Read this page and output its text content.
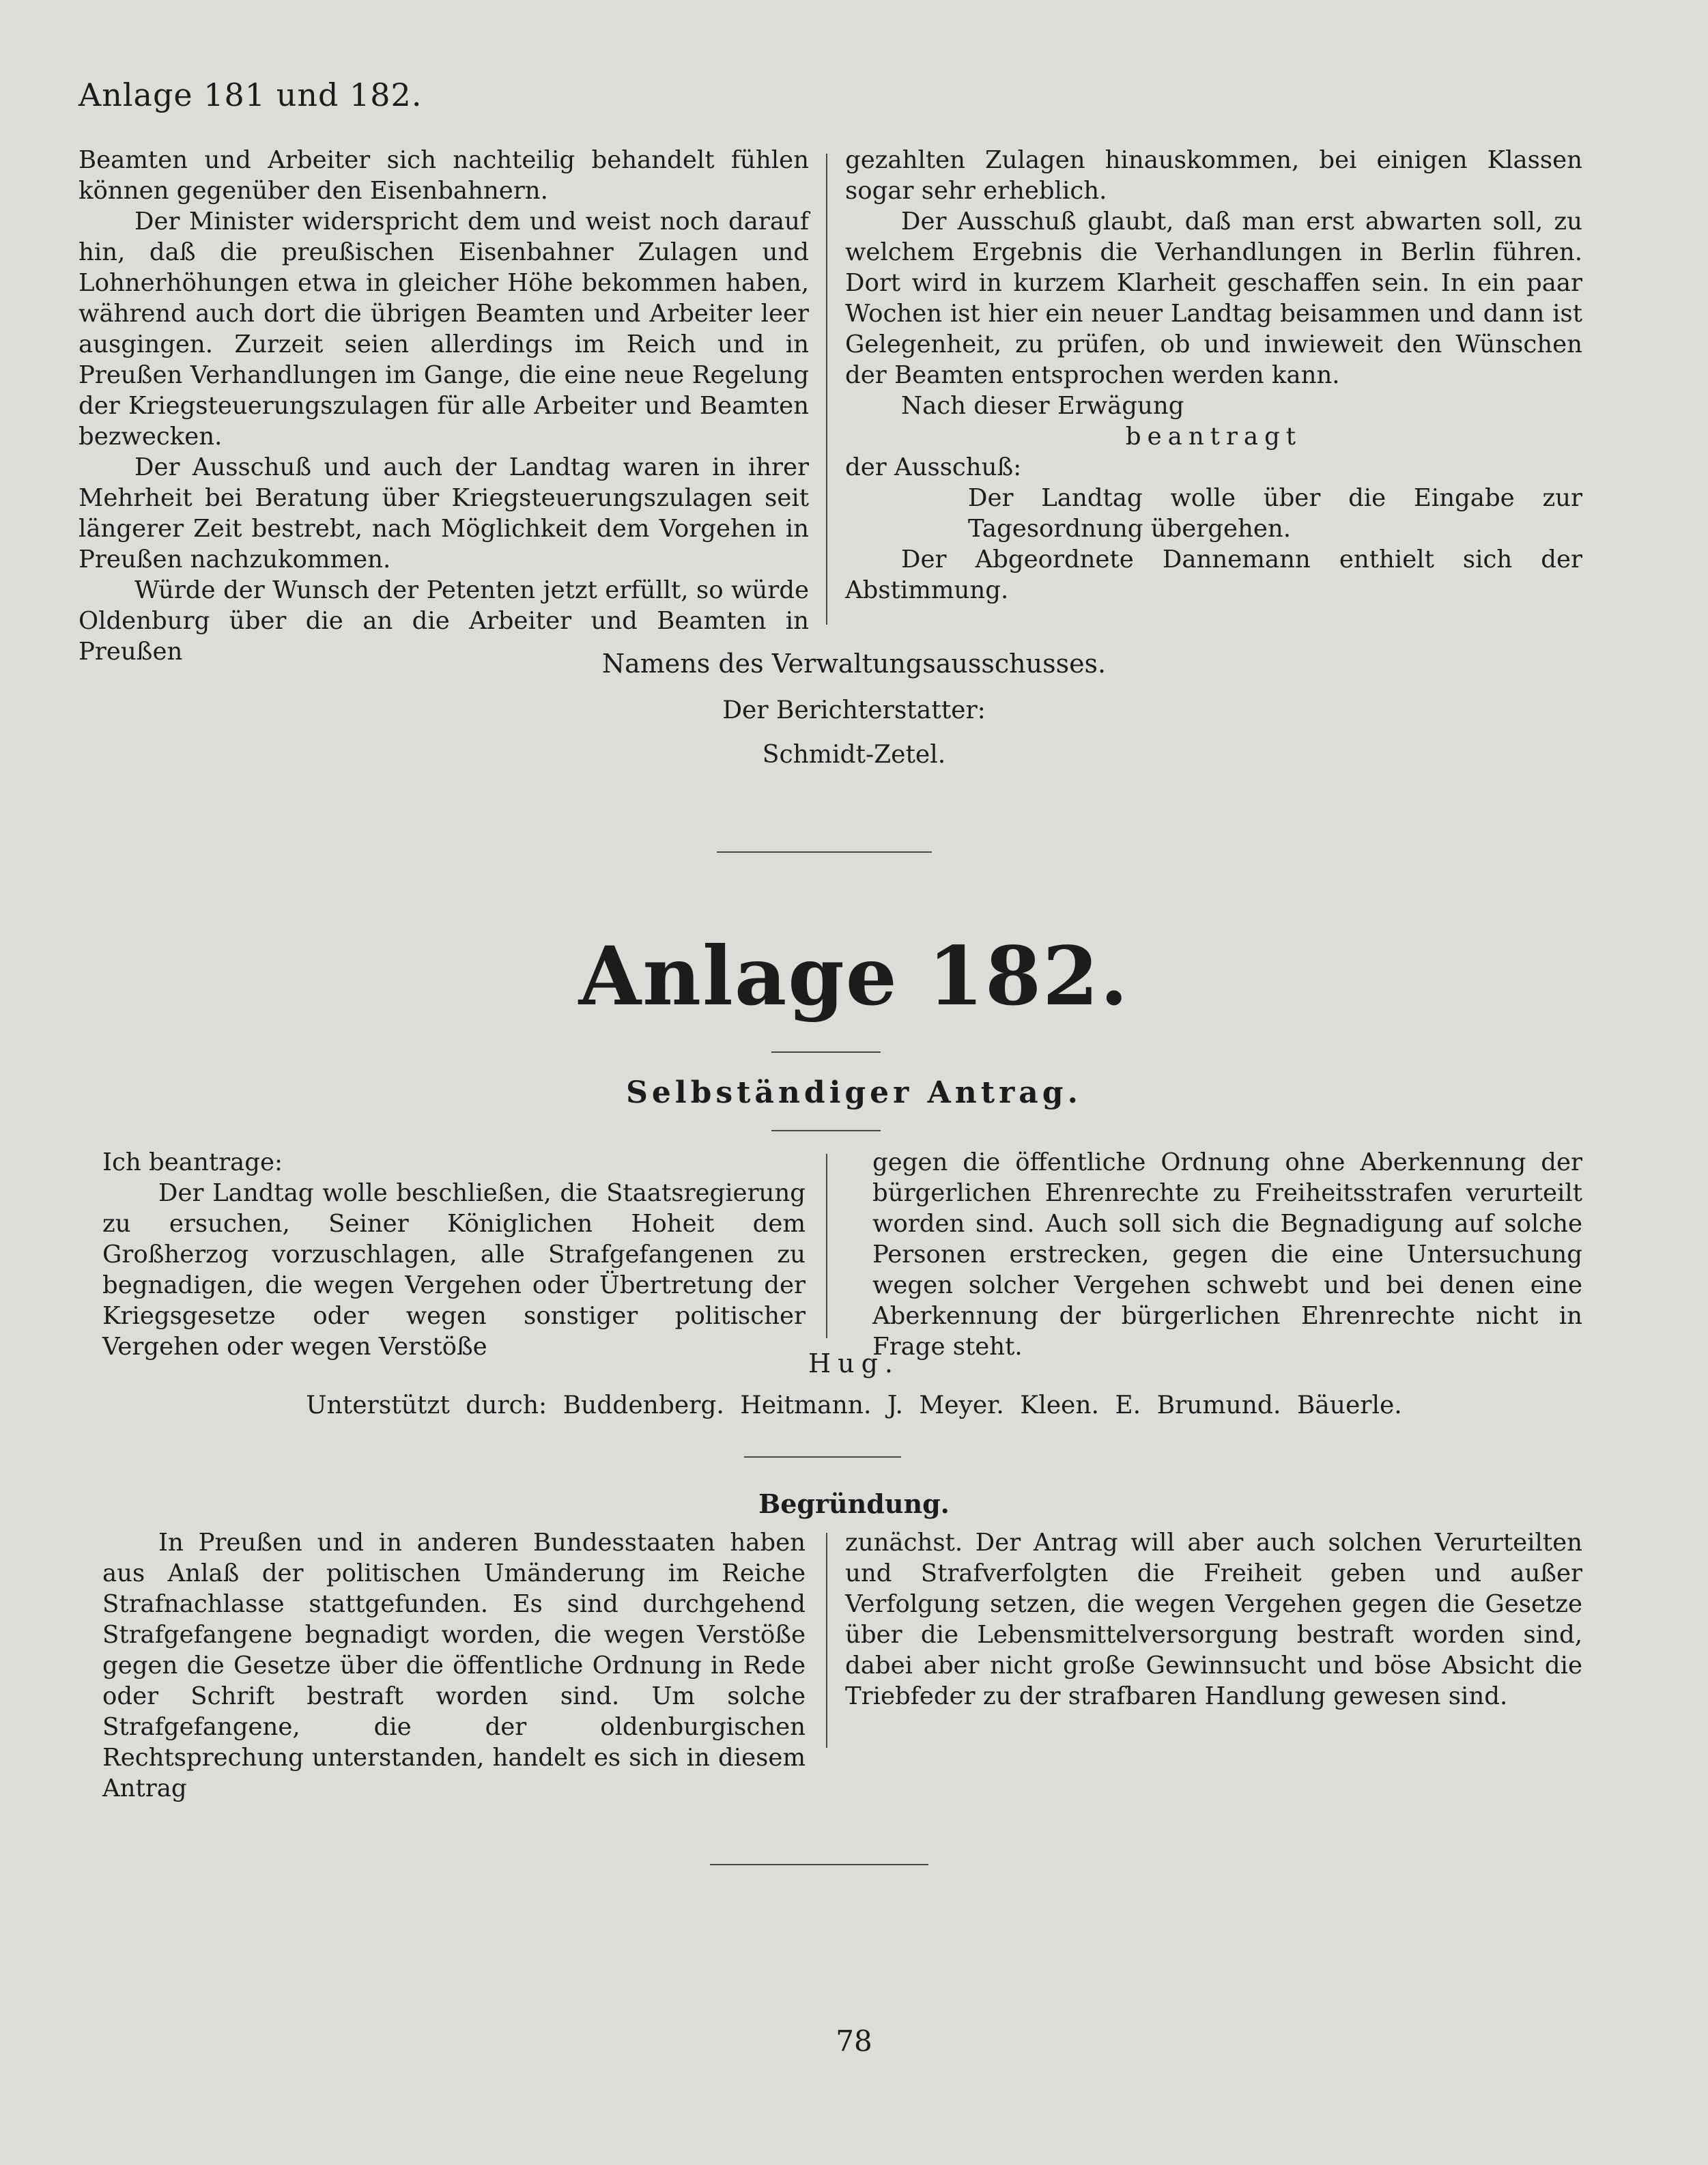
Anlage 181 und 182.

Beamten und Arbeiter sich nachteilig behandelt fühlen können gegenüber den Eisenbahnern.

Der Minister widerspricht dem und weist noch darauf hin, daß die preußischen Eisenbahner Zulagen und Lohnerhöhungen etwa in gleicher Höhe bekommen haben, während auch dort die übrigen Beamten und Arbeiter leer ausgingen. Zurzeit seien allerdings im Reich und in Preußen Verhandlungen im Gange, die eine neue Regelung der Kriegsteuerungszulagen für alle Arbeiter und Beamten bezwecken.

Der Ausschuß und auch der Landtag waren in ihrer Mehrheit bei Beratung über Kriegsteuerungszulagen seit längerer Zeit bestrebt, nach Möglichkeit dem Vorgehen in Preußen nachzukommen.

Würde der Wunsch der Petenten jetzt erfüllt, so würde Oldenburg über die an die Arbeiter und Beamten in Preußen

gezahlten Zulagen hinauskommen, bei einigen Klassen sogar sehr erheblich.

Der Ausschuß glaubt, daß man erst abwarten soll, zu welchem Ergebnis die Verhandlungen in Berlin führen. Dort wird in kurzem Klarheit geschaffen sein. In ein paar Wochen ist hier ein neuer Landtag beisammen und dann ist Gelegenheit, zu prüfen, ob und inwieweit den Wünschen der Beamten entsprochen werden kann.

Nach dieser Erwägung

beantragt

der Ausschuß:

Der Landtag wolle über die Eingabe zur Tagesordnung übergehen.

Der Abgeordnete Dannemann enthielt sich der Abstimmung.

Namens des Verwaltungsausschusses.
Der Berichterstatter:
Schmidt-Zetel.
Anlage 182.
Selbständiger Antrag.

Ich beantrage:

Der Landtag wolle beschließen, die Staatsregierung zu ersuchen, Seiner Königlichen Hoheit dem Großherzog vorzuschlagen, alle Strafgefangenen zu begnadigen, die wegen Vergehen oder Übertretung der Kriegsgesetze oder wegen sonstiger politischer Vergehen oder wegen Verstöße

gegen die öffentliche Ordnung ohne Aberkennung der bürgerlichen Ehrenrechte zu Freiheitsstrafen verurteilt worden sind. Auch soll sich die Begnadigung auf solche Personen erstrecken, gegen die eine Untersuchung wegen solcher Vergehen schwebt und bei denen eine Aberkennung der bürgerlichen Ehrenrechte nicht in Frage steht.

Hug.
Unterstützt durch: Buddenberg. Heitmann. J. Meyer. Kleen. E. Brumund. Bäuerle.
Begründung.

In Preußen und in anderen Bundesstaaten haben aus Anlaß der politischen Umänderung im Reiche Strafnachlasse stattgefunden. Es sind durchgehend Strafgefangene begnadigt worden, die wegen Verstöße gegen die Gesetze über die öffentliche Ordnung in Rede oder Schrift bestraft worden sind. Um solche Strafgefangene, die der oldenburgischen Rechtsprechung unterstanden, handelt es sich in diesem Antrag

zunächst. Der Antrag will aber auch solchen Verurteilten und Strafverfolgten die Freiheit geben und außer Verfolgung setzen, die wegen Vergehen gegen die Gesetze über die Lebensmittelversorgung bestraft worden sind, dabei aber nicht große Gewinnsucht und böse Absicht die Triebfeder zu der strafbaren Handlung gewesen sind.

78
